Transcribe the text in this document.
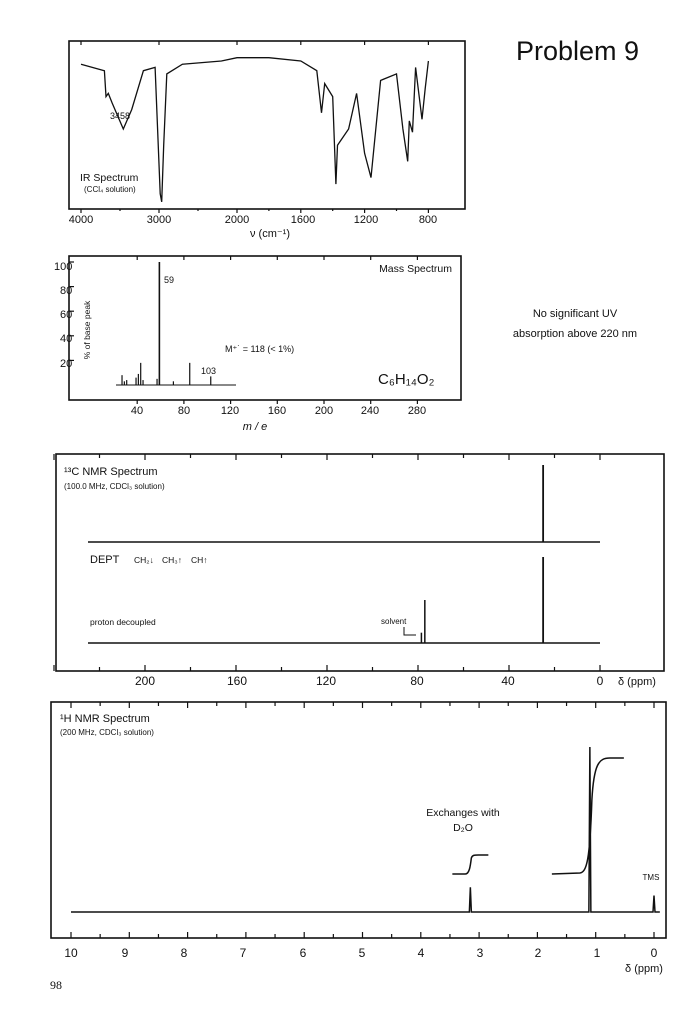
Problem 9
3458
IR Spectrum
(CCl₄ solution)
4000	3000	2000	1600	1200	800
ν (cm⁻¹)
% of base peak
Mass Spectrum
59
M⁺˙ = 118 (< 1%)
103	C₆H₁₄O₂
100
80
60
40
20
40	80	120	160	200	240	280
m / e
No significant UV
absorption above 220 nm
¹³C NMR Spectrum
(100.0 MHz, CDCl₃ solution)
DEPT CH₂↓ CH₃↑ CH↑
proton decoupled	solvent
200	160	120	80	40	0 δ (ppm)
¹H NMR Spectrum
(200 MHz, CDCl₃ solution)
Exchanges with
D₂O
TMS
10	9	8	7	6	5	4	3	2	1	0
δ (ppm)
98
